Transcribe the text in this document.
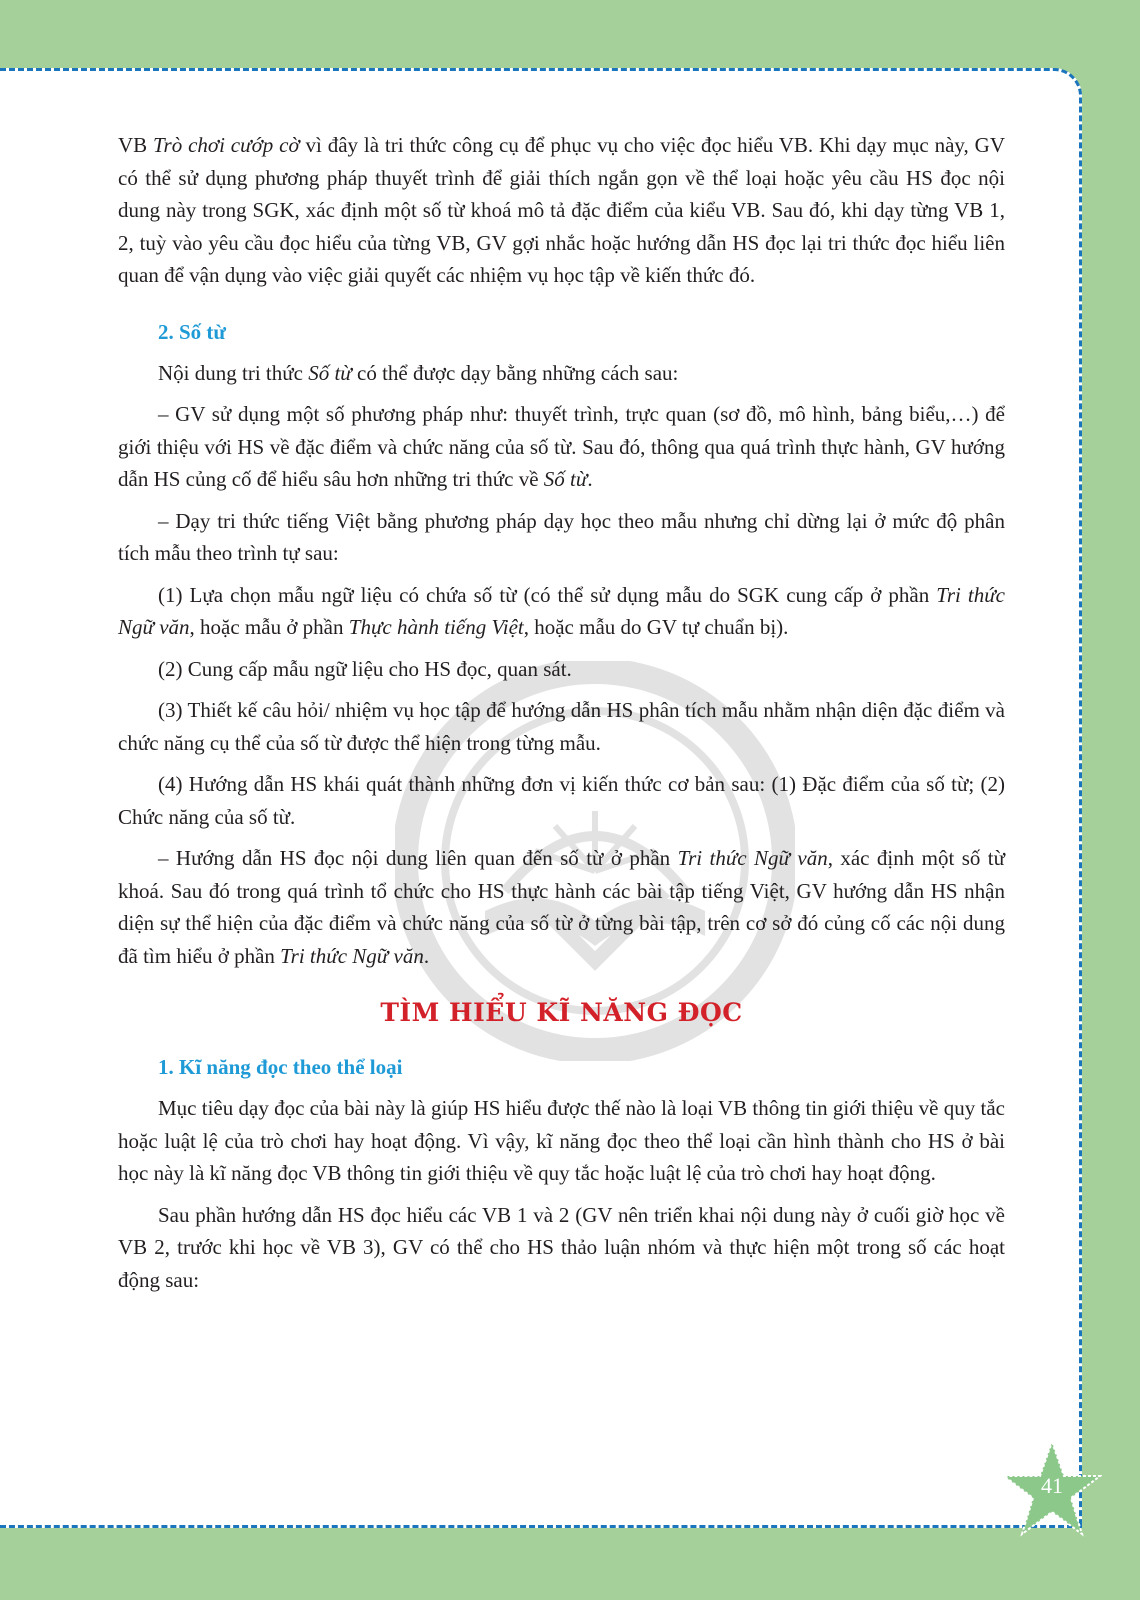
VB Trò chơi cướp cờ vì đây là tri thức công cụ để phục vụ cho việc đọc hiểu VB. Khi dạy mục này, GV có thể sử dụng phương pháp thuyết trình để giải thích ngắn gọn về thể loại hoặc yêu cầu HS đọc nội dung này trong SGK, xác định một số từ khoá mô tả đặc điểm của kiểu VB. Sau đó, khi dạy từng VB 1, 2, tuỳ vào yêu cầu đọc hiểu của từng VB, GV gợi nhắc hoặc hướng dẫn HS đọc lại tri thức đọc hiểu liên quan để vận dụng vào việc giải quyết các nhiệm vụ học tập về kiến thức đó.

2. Số từ

Nội dung tri thức Số từ có thể được dạy bằng những cách sau:

– GV sử dụng một số phương pháp như: thuyết trình, trực quan (sơ đồ, mô hình, bảng biểu,…) để giới thiệu với HS về đặc điểm và chức năng của số từ. Sau đó, thông qua quá trình thực hành, GV hướng dẫn HS củng cố để hiểu sâu hơn những tri thức về Số từ.

– Dạy tri thức tiếng Việt bằng phương pháp dạy học theo mẫu nhưng chỉ dừng lại ở mức độ phân tích mẫu theo trình tự sau:

(1) Lựa chọn mẫu ngữ liệu có chứa số từ (có thể sử dụng mẫu do SGK cung cấp ở phần Tri thức Ngữ văn, hoặc mẫu ở phần Thực hành tiếng Việt, hoặc mẫu do GV tự chuẩn bị).

(2) Cung cấp mẫu ngữ liệu cho HS đọc, quan sát.

(3) Thiết kế câu hỏi/ nhiệm vụ học tập để hướng dẫn HS phân tích mẫu nhằm nhận diện đặc điểm và chức năng cụ thể của số từ được thể hiện trong từng mẫu.

(4) Hướng dẫn HS khái quát thành những đơn vị kiến thức cơ bản sau: (1) Đặc điểm của số từ; (2) Chức năng của số từ.

– Hướng dẫn HS đọc nội dung liên quan đến số từ ở phần Tri thức Ngữ văn, xác định một số từ khoá. Sau đó trong quá trình tổ chức cho HS thực hành các bài tập tiếng Việt, GV hướng dẫn HS nhận diện sự thể hiện của đặc điểm và chức năng của số từ ở từng bài tập, trên cơ sở đó củng cố các nội dung đã tìm hiểu ở phần Tri thức Ngữ văn.

TÌM HIỂU KĨ NĂNG ĐỌC
1. Kĩ năng đọc theo thể loại

Mục tiêu dạy đọc của bài này là giúp HS hiểu được thế nào là loại VB thông tin giới thiệu về quy tắc hoặc luật lệ của trò chơi hay hoạt động. Vì vậy, kĩ năng đọc theo thể loại cần hình thành cho HS ở bài học này là kĩ năng đọc VB thông tin giới thiệu về quy tắc hoặc luật lệ của trò chơi hay hoạt động.

Sau phần hướng dẫn HS đọc hiểu các VB 1 và 2 (GV nên triển khai nội dung này ở cuối giờ học về VB 2, trước khi học về VB 3), GV có thể cho HS thảo luận nhóm và thực hiện một trong số các hoạt động sau:

41
